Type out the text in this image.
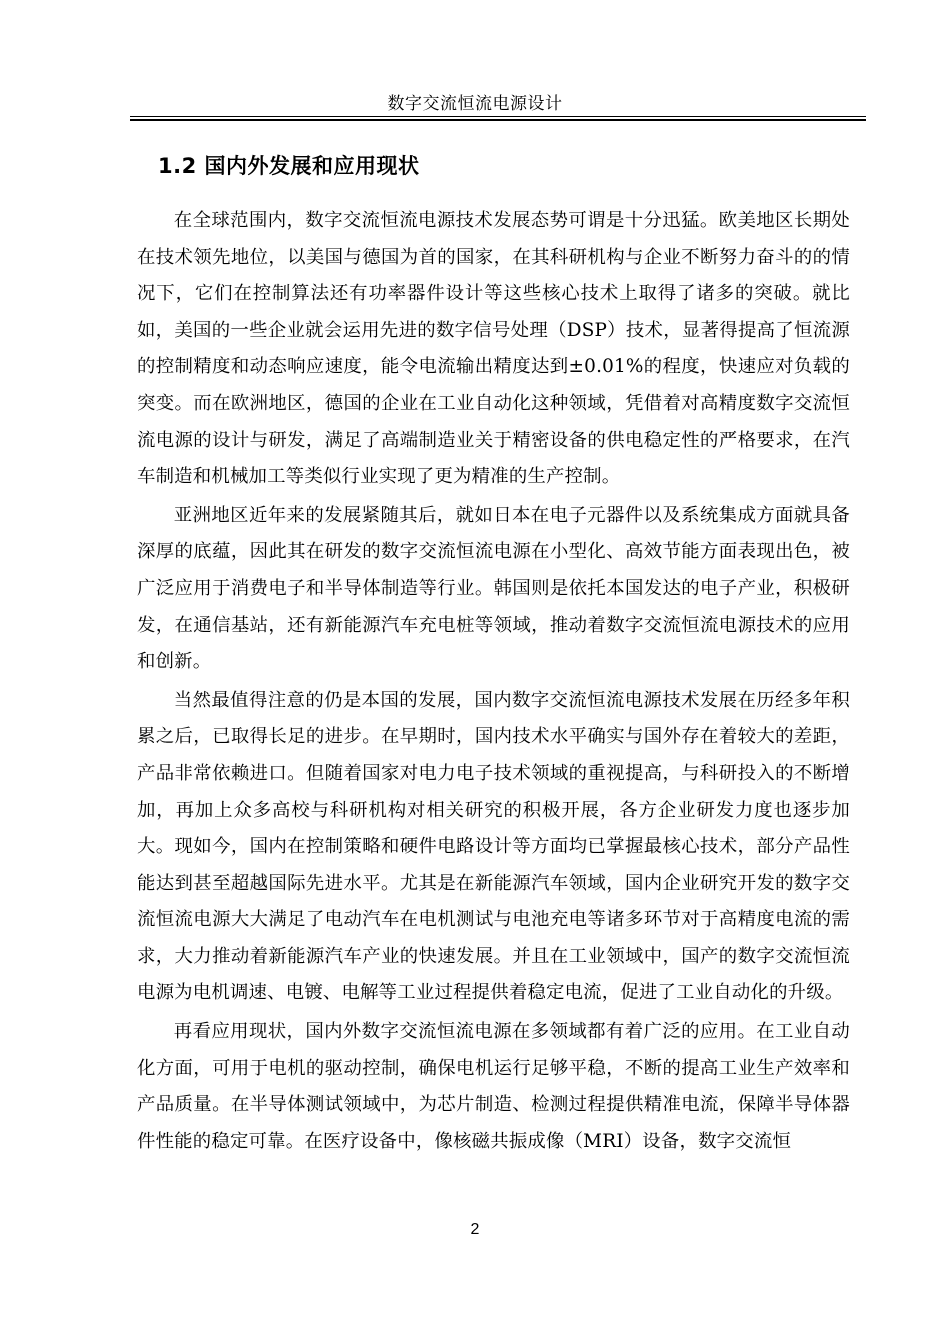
数字交流恒流电源设计
1.2 国内外发展和应用现状

在全球范围内，数字交流恒流电源技术发展态势可谓是十分迅猛。欧美地区长期处在技术领先地位，以美国与德国为首的国家，在其科研机构与企业不断努力奋斗的的情况下，它们在控制算法还有功率器件设计等这些核心技术上取得了诸多的突破。就比如，美国的一些企业就会运用先进的数字信号处理（DSP）技术，显著得提高了恒流源的控制精度和动态响应速度，能令电流输出精度达到±0.01%的程度，快速应对负载的突变。而在欧洲地区，德国的企业在工业自动化这种领域，凭借着对高精度数字交流恒流电源的设计与研发，满足了高端制造业关于精密设备的供电稳定性的严格要求，在汽车制造和机械加工等类似行业实现了更为精准的生产控制。

亚洲地区近年来的发展紧随其后，就如日本在电子元器件以及系统集成方面就具备深厚的底蕴，因此其在研发的数字交流恒流电源在小型化、高效节能方面表现出色，被广泛应用于消费电子和半导体制造等行业。韩国则是依托本国发达的电子产业，积极研发，在通信基站，还有新能源汽车充电桩等领域，推动着数字交流恒流电源技术的应用和创新。

当然最值得注意的仍是本国的发展，国内数字交流恒流电源技术发展在历经多年积累之后，已取得长足的进步。在早期时，国内技术水平确实与国外存在着较大的差距，产品非常依赖进口。但随着国家对电力电子技术领域的重视提高，与科研投入的不断增加，再加上众多高校与科研机构对相关研究的积极开展，各方企业研发力度也逐步加大。现如今，国内在控制策略和硬件电路设计等方面均已掌握最核心技术，部分产品性能达到甚至超越国际先进水平。尤其是在新能源汽车领域，国内企业研究开发的数字交流恒流电源大大满足了电动汽车在电机测试与电池充电等诸多环节对于高精度电流的需求，大力推动着新能源汽车产业的快速发展。并且在工业领域中，国产的数字交流恒流电源为电机调速、电镀、电解等工业过程提供着稳定电流，促进了工业自动化的升级。

再看应用现状，国内外数字交流恒流电源在多领域都有着广泛的应用。在工业自动化方面，可用于电机的驱动控制，确保电机运行足够平稳，不断的提高工业生产效率和产品质量。在半导体测试领域中，为芯片制造、检测过程提供精准电流，保障半导体器件性能的稳定可靠。在医疗设备中，像核磁共振成像（MRI）设备，数字交流恒

2
